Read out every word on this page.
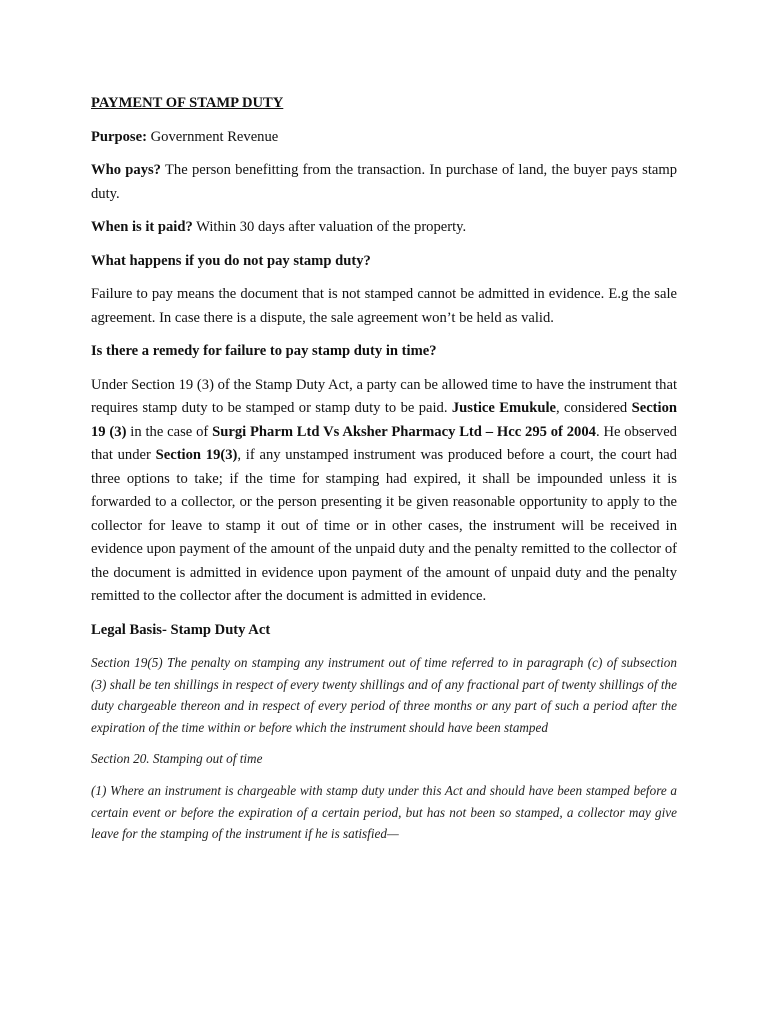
PAYMENT OF STAMP DUTY

Purpose: Government Revenue

Who pays? The person benefitting from the transaction. In purchase of land, the buyer pays stamp duty.

When is it paid? Within 30 days after valuation of the property.

What happens if you do not pay stamp duty?

Failure to pay means the document that is not stamped cannot be admitted in evidence. E.g the sale agreement. In case there is a dispute, the sale agreement won’t be held as valid.

Is there a remedy for failure to pay stamp duty in time?

Under Section 19 (3) of the Stamp Duty Act, a party can be allowed time to have the instrument that requires stamp duty to be stamped or stamp duty to be paid. Justice Emukule, considered Section 19 (3) in the case of Surgi Pharm Ltd Vs Aksher Pharmacy Ltd – Hcc 295 of 2004. He observed that under Section 19(3), if any unstamped instrument was produced before a court, the court had three options to take; if the time for stamping had expired, it shall be impounded unless it is forwarded to a collector, or the person presenting it be given reasonable opportunity to apply to the collector for leave to stamp it out of time or in other cases, the instrument will be received in evidence upon payment of the amount of the unpaid duty and the penalty remitted to the collector of the document is admitted in evidence upon payment of the amount of unpaid duty and the penalty remitted to the collector after the document is admitted in evidence.

Legal Basis- Stamp Duty Act

Section 19(5) The penalty on stamping any instrument out of time referred to in paragraph (c) of subsection (3) shall be ten shillings in respect of every twenty shillings and of any fractional part of twenty shillings of the duty chargeable thereon and in respect of every period of three months or any part of such a period after the expiration of the time within or before which the instrument should have been stamped

Section 20. Stamping out of time

(1) Where an instrument is chargeable with stamp duty under this Act and should have been stamped before a certain event or before the expiration of a certain period, but has not been so stamped, a collector may give leave for the stamping of the instrument if he is satisfied—
